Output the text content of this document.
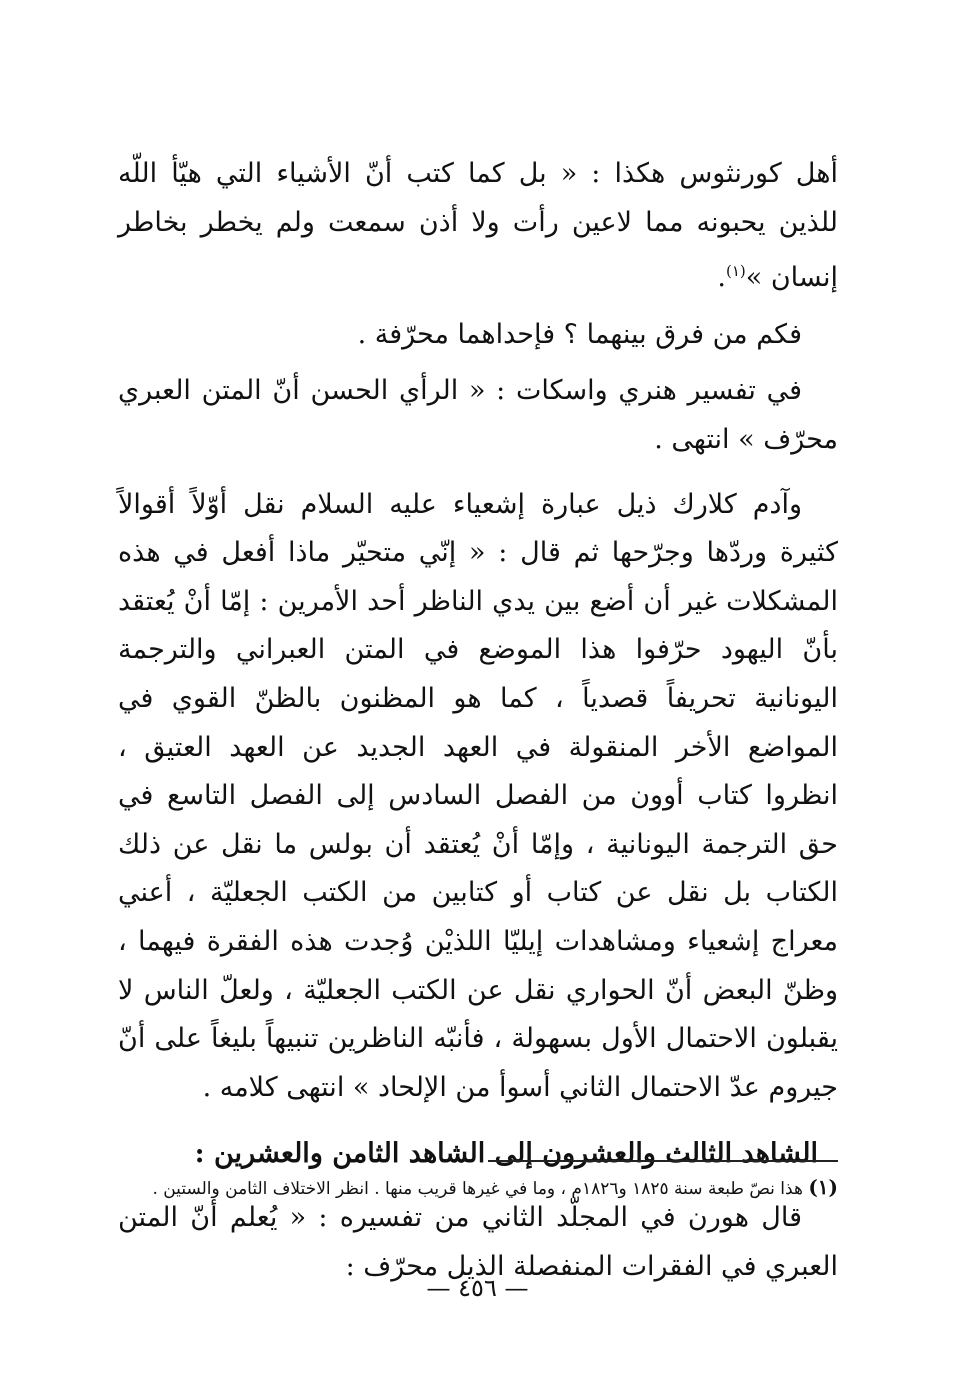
أهل كورنثوس هكذا : « بل كما كتب أنّ الأشياء التي هيّأ اللّه للذين يحبونه مما لاعين رأت ولا أذن سمعت ولم يخطر بخاطر إنسان »$^{(١)}$.

فكم من فرق بينهما ؟ فإحداهما محرّفة .

في تفسير هنري واسكات : « الرأي الحسن أنّ المتن العبري محرّف » انتهى .

وآدم كلارك ذيل عبارة إشعياء عليه السلام نقل أوّلاً أقوالاً كثيرة وردّها وجرّحها ثم قال : « إنّي متحيّر ماذا أفعل في هذه المشكلات غير أن أضع بين يدي الناظر أحد الأمرين : إمّا أنْ يُعتقد بأنّ اليهود حرّفوا هذا الموضع في المتن العبراني والترجمة اليونانية تحريفاً قصدياً ، كما هو المظنون بالظنّ القوي في المواضع الأخر المنقولة في العهد الجديد عن العهد العتيق ، انظروا كتاب أوون من الفصل السادس إلى الفصل التاسع في حق الترجمة اليونانية ، وإمّا أنْ يُعتقد أن بولس ما نقل عن ذلك الكتاب بل نقل عن كتاب أو كتابين من الكتب الجعليّة ، أعني معراج إشعياء ومشاهدات إيليّا اللذيْن وُجدت هذه الفقرة فيهما ، وظنّ البعض أنّ الحواري نقل عن الكتب الجعليّة ، ولعلّ الناس لا يقبلون الاحتمال الأول بسهولة ، فأنبّه الناظرين تنبيهاً بليغاً على أنّ جيروم عدّ الاحتمال الثاني أسوأ من الإلحاد » انتهى كلامه .

الشاهد الثالث والعشرون إلى الشاهد الثامن والعشرين :

قال هورن في المجلّد الثاني من تفسيره : « يُعلم أنّ المتن العبري في الفقرات المنفصلة الذيل محرّف :

(١) هذا نصّ طبعة سنة ١٨٢٥ و١٨٢٦م ، وما في غيرها قريب منها . انظر الاختلاف الثامن والستين .

— ٤٥٦ —
